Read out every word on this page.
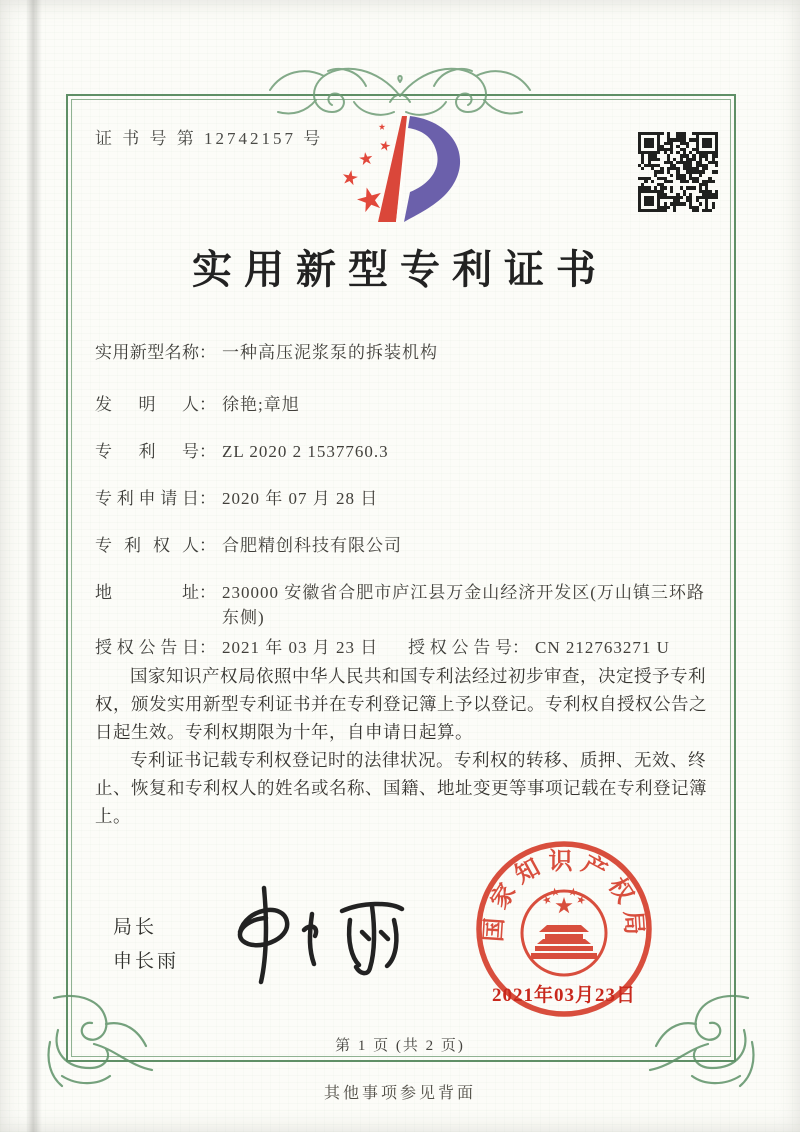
证 书 号 第 12742157 号
实用新型专利证书
实用新型名称 ： 一种高压泥浆泵的拆装机构
发明人 ： 徐艳;章旭
专利号 ： ZL 2020 2 1537760.3
专利申请日 ： 2020 年 07 月 28 日
专利权人 ： 合肥精创科技有限公司
地址 ： 230000 安徽省合肥市庐江县万金山经济开发区(万山镇三环路东侧)
授权公告日 ： 2021 年 03 月 23 日 授权公告号 ： CN 212763271 U

国家知识产权局依照中华人民共和国专利法经过初步审查，决定授予专利权，颁发实用新型专利证书并在专利登记簿上予以登记。专利权自授权公告之日起生效。专利权期限为十年，自申请日起算。

专利证书记载专利权登记时的法律状况。专利权的转移、质押、无效、终止、恢复和专利权人的姓名或名称、国籍、地址变更等事项记载在专利登记簿上。

局长
申长雨
国家知识产权局
2021年03月23日
第 1 页 (共 2 页)
其他事项参见背面
